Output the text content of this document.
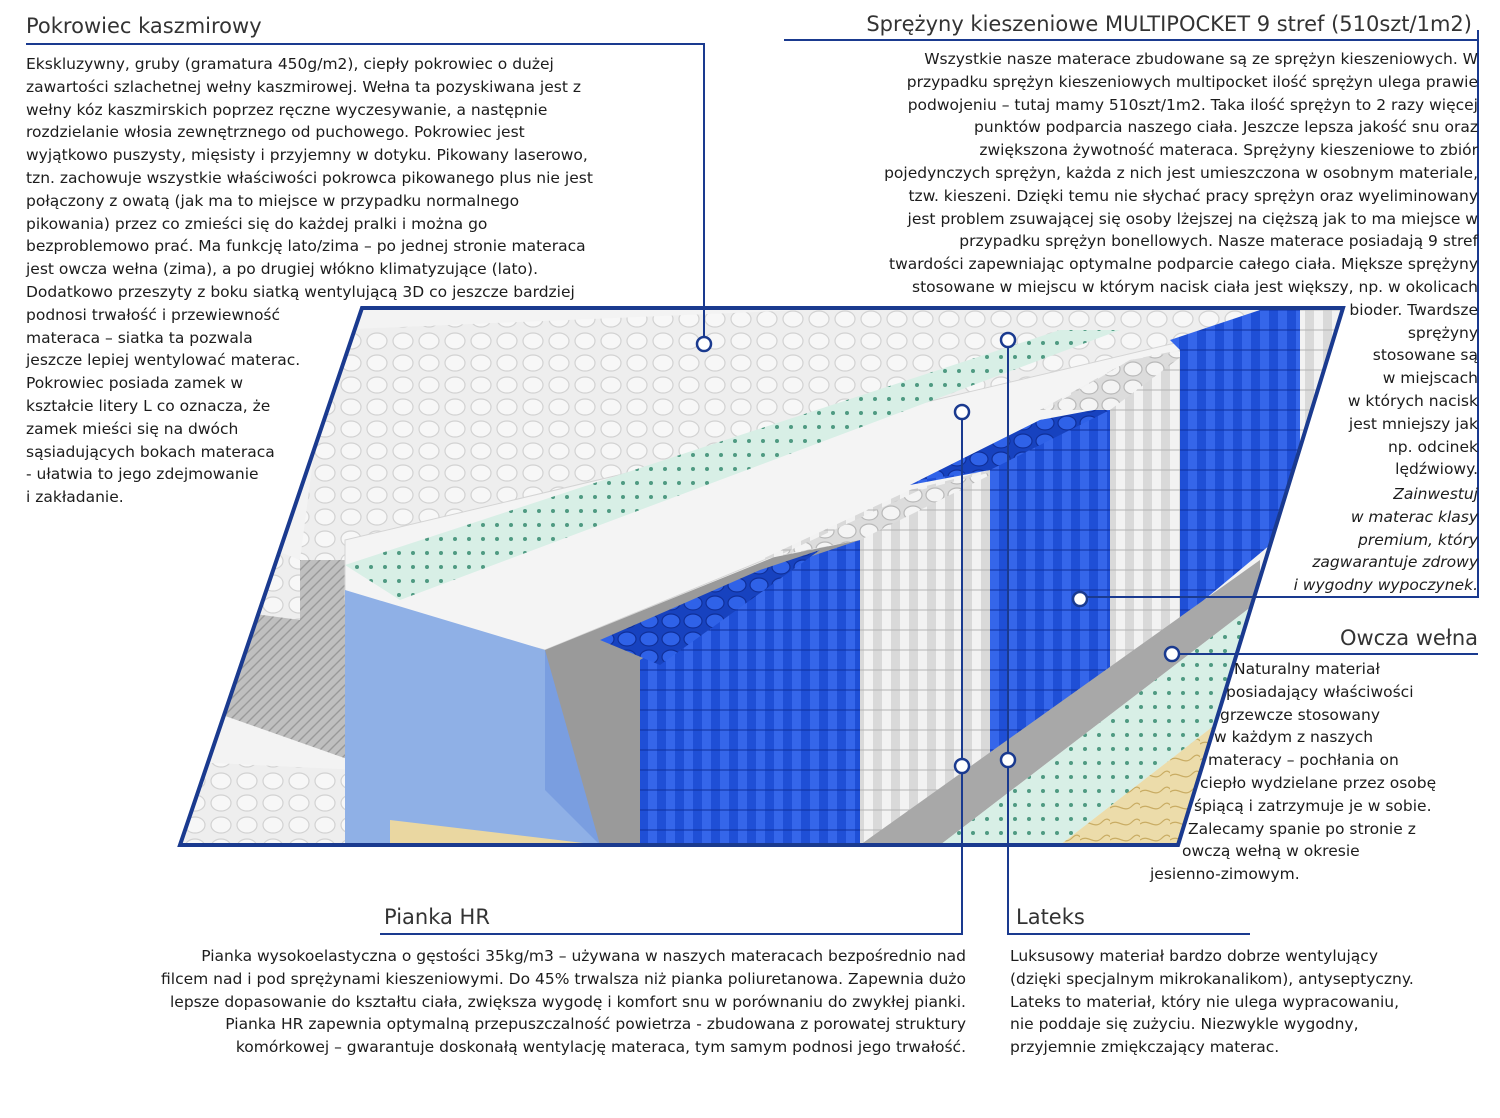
Pokrowiec kaszmirowy
Ekskluzywny, gruby (gramatura 450g/m2), ciepły pokrowiec o dużej
zawartości szlachetnej wełny kaszmirowej. Wełna ta pozyskiwana jest z
wełny kóz kaszmirskich poprzez ręczne wyczesywanie, a następnie
rozdzielanie włosia zewnętrznego od puchowego. Pokrowiec jest
wyjątkowo puszysty, mięsisty i przyjemny w dotyku. Pikowany laserowo,
tzn. zachowuje wszystkie właściwości pokrowca pikowanego plus nie jest
połączony z owatą (jak ma to miejsce w przypadku normalnego
pikowania) przez co zmieści się do każdej pralki i można go
bezproblemowo prać. Ma funkcję lato/zima – po jednej stronie materaca
jest owcza wełna (zima), a po drugiej włókno klimatyzujące (lato).
Dodatkowo przeszyty z boku siatką wentylującą 3D co jeszcze bardziej
podnosi trwałość i przewiewność
materaca – siatka ta pozwala
jeszcze lepiej wentylować materac.
Pokrowiec posiada zamek w
kształcie litery L co oznacza, że
zamek mieści się na dwóch
sąsiadujących bokach materaca
- ułatwia to jego zdejmowanie
i zakładanie.
Sprężyny kieszeniowe MULTIPOCKET 9 stref (510szt/1m2)
Wszystkie nasze materace zbudowane są ze sprężyn kieszeniowych. W
przypadku sprężyn kieszeniowych multipocket ilość sprężyn ulega prawie
podwojeniu – tutaj mamy 510szt/1m2. Taka ilość sprężyn to 2 razy więcej
punktów podparcia naszego ciała. Jeszcze lepsza jakość snu oraz
zwiększona żywotność materaca. Sprężyny kieszeniowe to zbiór
pojedynczych sprężyn, każda z nich jest umieszczona w osobnym materiale,
tzw. kieszeni. Dzięki temu nie słychać pracy sprężyn oraz wyeliminowany
jest problem zsuwającej się osoby lżejszej na cięższą jak to ma miejsce w
przypadku sprężyn bonellowych. Nasze materace posiadają 9 stref
twardości zapewniając optymalne podparcie całego ciała. Miększe sprężyny
stosowane w miejscu w którym nacisk ciała jest większy, np. w okolicach
bioder. Twardsze
sprężyny
stosowane są
w miejscach
w których nacisk
jest mniejszy jak
np. odcinek
lędźwiowy.
Zainwestuj
w materac klasy
premium, który
zagwarantuje zdrowy
i wygodny wypoczynek.
Owcza wełna
Naturalny materiał
posiadający właściwości
grzewcze stosowany
w każdym z naszych
materacy – pochłania on
ciepło wydzielane przez osobę
śpiącą i zatrzymuje je w sobie.
Zalecamy spanie po stronie z
owczą wełną w okresie
jesienno-zimowym.
Pianka HR
Pianka wysokoelastyczna o gęstości 35kg/m3 – używana w naszych materacach bezpośrednio nad
filcem nad i pod sprężynami kieszeniowymi. Do 45% trwalsza niż pianka poliuretanowa. Zapewnia dużo
lepsze dopasowanie do kształtu ciała, zwiększa wygodę i komfort snu w porównaniu do zwykłej pianki.
Pianka HR zapewnia optymalną przepuszczalność powietrza - zbudowana z porowatej struktury
komórkowej – gwarantuje doskonałą wentylację materaca, tym samym podnosi jego trwałość.
Lateks
Luksusowy materiał bardzo dobrze wentylujący
(dzięki specjalnym mikrokanalikom), antyseptyczny.
Lateks to materiał, który nie ulega wypracowaniu,
nie poddaje się zużyciu. Niezwykle wygodny,
przyjemnie zmiękczający materac.
